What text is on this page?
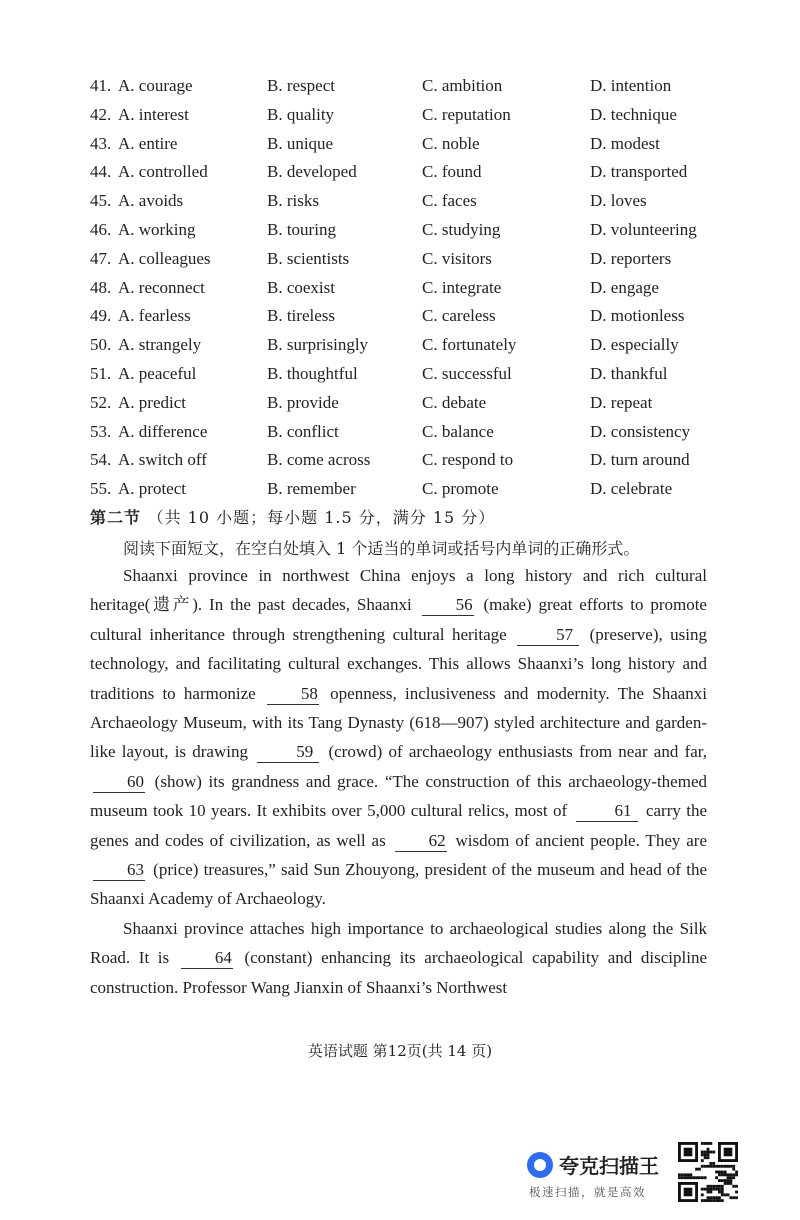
41. A. courage	B. respect	C. ambition	D. intention
42. A. interest	B. quality	C. reputation	D. technique
43. A. entire	B. unique	C. noble	D. modest
44. A. controlled	B. developed	C. found	D. transported
45. A. avoids	B. risks	C. faces	D. loves
46. A. working	B. touring	C. studying	D. volunteering
47. A. colleagues	B. scientists	C. visitors	D. reporters
48. A. reconnect	B. coexist	C. integrate	D. engage
49. A. fearless	B. tireless	C. careless	D. motionless
50. A. strangely	B. surprisingly	C. fortunately	D. especially
51. A. peaceful	B. thoughtful	C. successful	D. thankful
52. A. predict	B. provide	C. debate	D. repeat
53. A. difference	B. conflict	C. balance	D. consistency
54. A. switch off	B. come across	C. respond to	D. turn around
55. A. protect	B. remember	C. promote	D. celebrate
第二节 （共 10 小题；每小题 1.5 分，满分 15 分）
阅读下面短文，在空白处填入 1 个适当的单词或括号内单词的正确形式。

Shaanxi province in northwest China enjoys a long history and rich cultural heritage(遗产). In the past decades, Shaanxi	56 (make) great efforts to promote cultural inheritance through strengthening cultural heritage	57 (preserve), using technology, and facilitating cultural exchanges. This allows Shaanxi’s long history and traditions to harmonize	58 openness, inclusiveness and modernity. The Shaanxi Archaeology Museum, with its Tang Dynasty (618—907) styled architecture and garden-like layout, is drawing	59 (crowd) of archaeology enthusiasts from near and far, 60 (show) its grandness and grace. “The construction of this archaeology-themed museum took 10 years. It exhibits over 5,000 cultural relics, most of	61 carry the genes and codes of civilization, as well as	62 wisdom of ancient people. They are 63 (price) treasures,” said Sun Zhouyong, president of the museum and head of the Shaanxi Academy of Archaeology.

Shaanxi province attaches high importance to archaeological studies along the Silk Road. It is	64 (constant) enhancing its archaeological capability and discipline construction. Professor Wang Jianxin of Shaanxi’s Northwest

英语试题 第12页(共 14 页)
夸克扫描王
极速扫描，就是高效
